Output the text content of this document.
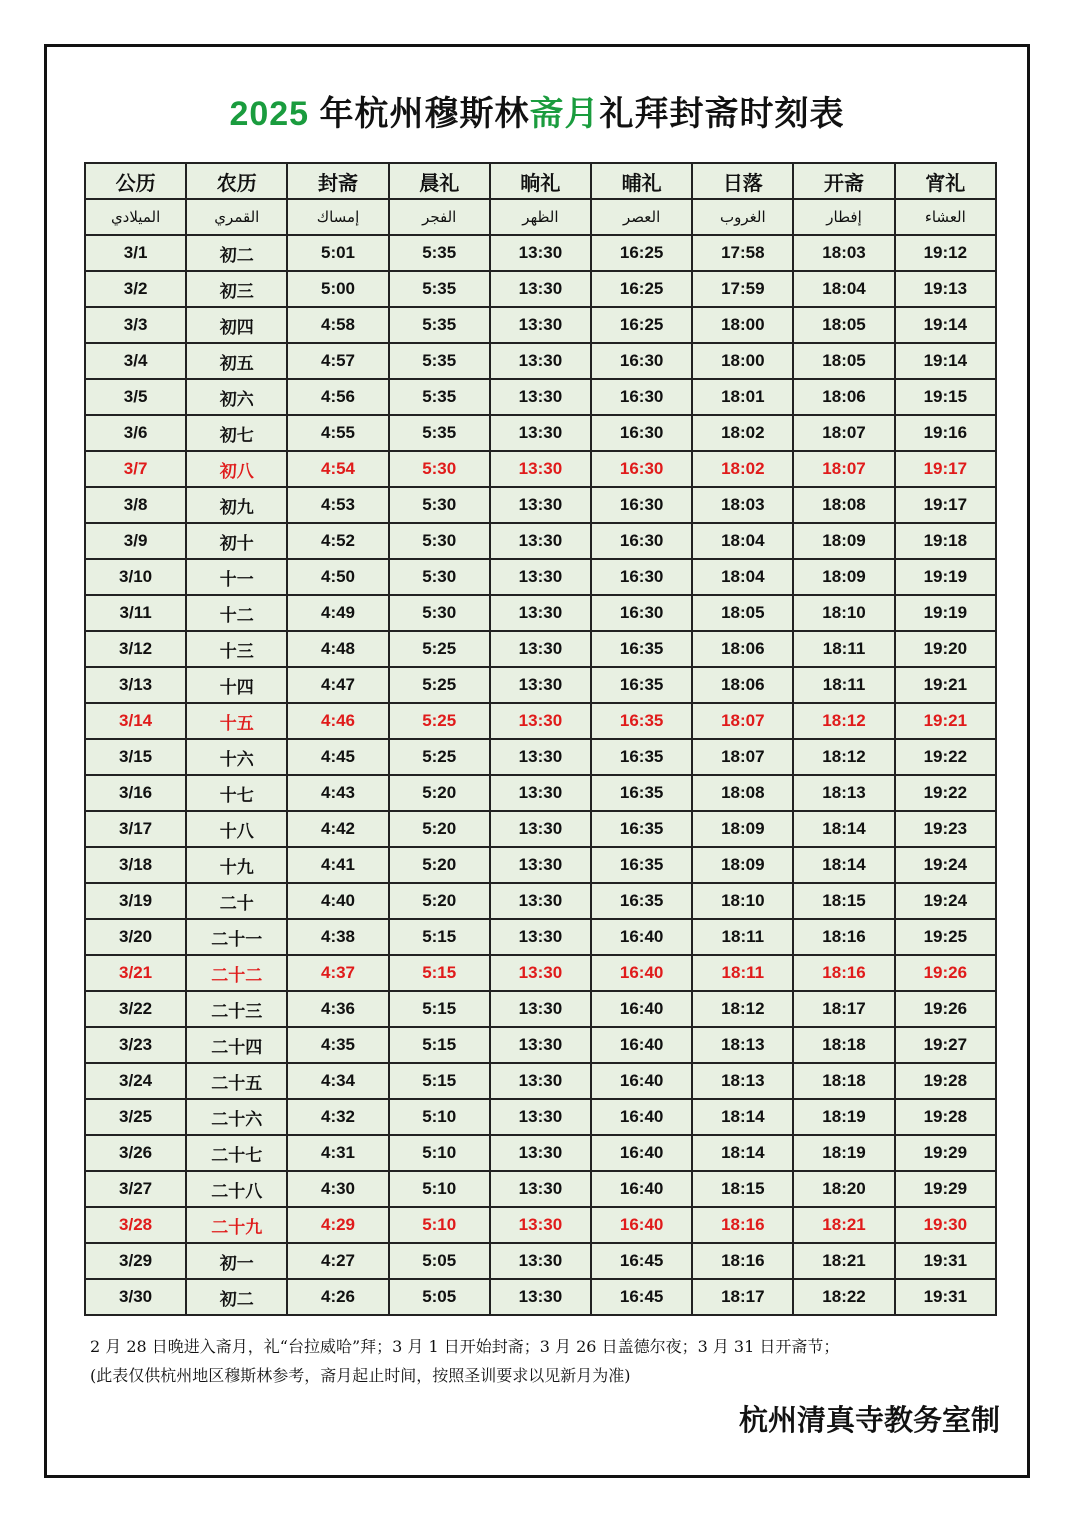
2025 年杭州穆斯林斋月礼拜封斋时刻表
公历	农历	封斋	晨礼	晌礼	晡礼	日落	开斋	宵礼
الميلادي	القمري	إمساك	الفجر	الظهر	العصر	الغروب	إفطار	العشاء
3/1	初二	5:01	5:35	13:30	16:25	17:58	18:03	19:12
3/2	初三	5:00	5:35	13:30	16:25	17:59	18:04	19:13
3/3	初四	4:58	5:35	13:30	16:25	18:00	18:05	19:14
3/4	初五	4:57	5:35	13:30	16:30	18:00	18:05	19:14
3/5	初六	4:56	5:35	13:30	16:30	18:01	18:06	19:15
3/6	初七	4:55	5:35	13:30	16:30	18:02	18:07	19:16
3/7	初八	4:54	5:30	13:30	16:30	18:02	18:07	19:17
3/8	初九	4:53	5:30	13:30	16:30	18:03	18:08	19:17
3/9	初十	4:52	5:30	13:30	16:30	18:04	18:09	19:18
3/10	十一	4:50	5:30	13:30	16:30	18:04	18:09	19:19
3/11	十二	4:49	5:30	13:30	16:30	18:05	18:10	19:19
3/12	十三	4:48	5:25	13:30	16:35	18:06	18:11	19:20
3/13	十四	4:47	5:25	13:30	16:35	18:06	18:11	19:21
3/14	十五	4:46	5:25	13:30	16:35	18:07	18:12	19:21
3/15	十六	4:45	5:25	13:30	16:35	18:07	18:12	19:22
3/16	十七	4:43	5:20	13:30	16:35	18:08	18:13	19:22
3/17	十八	4:42	5:20	13:30	16:35	18:09	18:14	19:23
3/18	十九	4:41	5:20	13:30	16:35	18:09	18:14	19:24
3/19	二十	4:40	5:20	13:30	16:35	18:10	18:15	19:24
3/20	二十一	4:38	5:15	13:30	16:40	18:11	18:16	19:25
3/21	二十二	4:37	5:15	13:30	16:40	18:11	18:16	19:26
3/22	二十三	4:36	5:15	13:30	16:40	18:12	18:17	19:26
3/23	二十四	4:35	5:15	13:30	16:40	18:13	18:18	19:27
3/24	二十五	4:34	5:15	13:30	16:40	18:13	18:18	19:28
3/25	二十六	4:32	5:10	13:30	16:40	18:14	18:19	19:28
3/26	二十七	4:31	5:10	13:30	16:40	18:14	18:19	19:29
3/27	二十八	4:30	5:10	13:30	16:40	18:15	18:20	19:29
3/28	二十九	4:29	5:10	13:30	16:40	18:16	18:21	19:30
3/29	初一	4:27	5:05	13:30	16:45	18:16	18:21	19:31
3/30	初二	4:26	5:05	13:30	16:45	18:17	18:22	19:31
2 月 28 日晚进入斋月，礼“台拉威哈”拜；3 月 1 日开始封斋；3 月 26 日盖德尔夜；3 月 31 日开斋节；
(此表仅供杭州地区穆斯林参考，斋月起止时间，按照圣训要求以见新月为准)
杭州清真寺教务室制
